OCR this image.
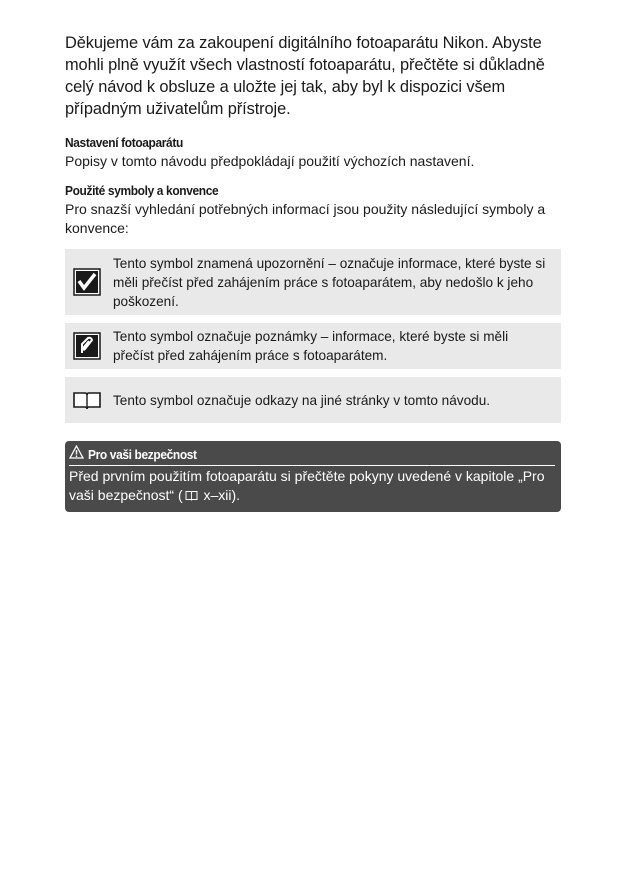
Děkujeme vám za zakoupení digitálního fotoaparátu Nikon. Abyste mohli plně využít všech vlastností fotoaparátu, přečtěte si důkladně celý návod k obsluze a uložte jej tak, aby byl k dispozici všem případným uživatelům přístroje.

Nastavení fotoaparátu

Popisy v tomto návodu předpokládají použití výchozích nastavení.

Použité symboly a konvence

Pro snazší vyhledání potřebných informací jsou použity následující symboly a konvence:

Tento symbol znamená upozornění – označuje informace, které byste si měli přečíst před zahájením práce s fotoaparátem, aby nedošlo k jeho poškození.
Tento symbol označuje poznámky – informace, které byste si měli přečíst před zahájením práce s fotoaparátem.
Tento symbol označuje odkazy na jiné stránky v tomto návodu.
Pro vaši bezpečnost
Před prvním použitím fotoaparátu si přečtěte pokyny uvedené v kapitole „Pro vaši bezpečnost“ ( x–xii).
